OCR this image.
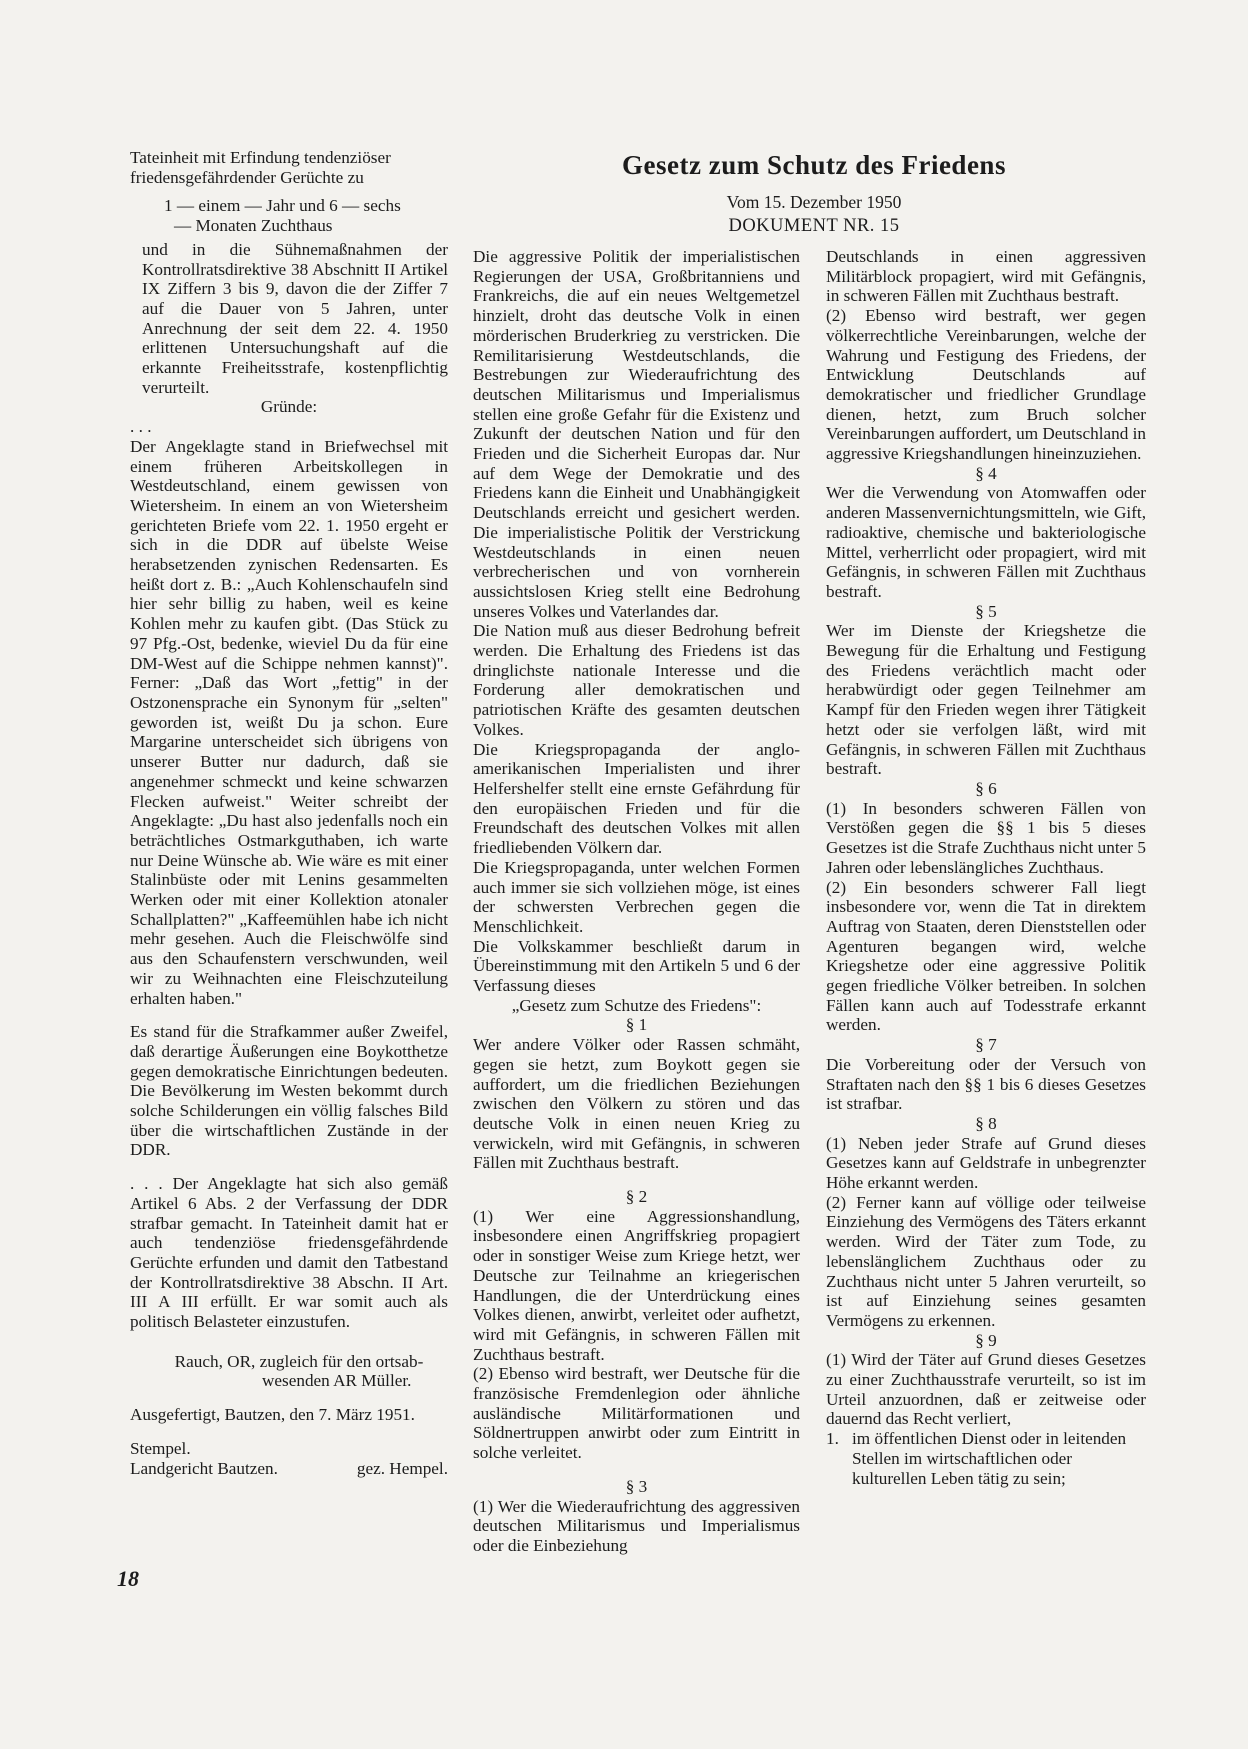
Gesetz zum Schutz des Friedens
Vom 15. Dezember 1950
DOKUMENT NR. 15

Tateinheit mit Erfindung tendenziöser

friedensgefährdender Gerüchte zu

1 — einem — Jahr und 6 — sechs

— Monaten Zuchthaus

und in die Sühnemaßnahmen der Kontrollratsdirektive 38 Abschnitt II Artikel IX Ziffern 3 bis 9, davon die der Ziffer 7 auf die Dauer von 5 Jahren, unter Anrechnung der seit dem 22. 4. 1950 erlittenen Untersuchungshaft auf die erkannte Freiheitsstrafe, kostenpflichtig verurteilt.

Gründe:

. . .

Der Angeklagte stand in Briefwechsel mit einem früheren Arbeitskollegen in Westdeutschland, einem gewissen von Wietersheim. In einem an von Wietersheim gerichteten Briefe vom 22. 1. 1950 ergeht er sich in die DDR auf übelste Weise herabsetzenden zynischen Redensarten. Es heißt dort z. B.: „Auch Kohlenschaufeln sind hier sehr billig zu haben, weil es keine Kohlen mehr zu kaufen gibt. (Das Stück zu 97 Pfg.-Ost, bedenke, wieviel Du da für eine DM-West auf die Schippe nehmen kannst)". Ferner: „Daß das Wort „fettig" in der Ostzonensprache ein Synonym für „selten" geworden ist, weißt Du ja schon. Eure Margarine unterscheidet sich übrigens von unserer Butter nur dadurch, daß sie angenehmer schmeckt und keine schwarzen Flecken aufweist." Weiter schreibt der Angeklagte: „Du hast also jedenfalls noch ein beträchtliches Ostmarkguthaben, ich warte nur Deine Wünsche ab. Wie wäre es mit einer Stalinbüste oder mit Lenins gesammelten Werken oder mit einer Kollektion atonaler Schallplatten?" „Kaffeemühlen habe ich nicht mehr gesehen. Auch die Fleischwölfe sind aus den Schaufenstern verschwunden, weil wir zu Weihnachten eine Fleischzuteilung erhalten haben."

Es stand für die Strafkammer außer Zweifel, daß derartige Äußerungen eine Boykotthetze gegen demokratische Einrichtungen bedeuten. Die Bevölkerung im Westen bekommt durch solche Schilderungen ein völlig falsches Bild über die wirtschaftlichen Zustände in der DDR.

. . . Der Angeklagte hat sich also gemäß Artikel 6 Abs. 2 der Verfassung der DDR strafbar gemacht. In Tateinheit damit hat er auch tendenziöse friedensgefährdende Gerüchte erfunden und damit den Tatbestand der Kontrollratsdirektive 38 Abschn. II Art. III A III erfüllt. Er war somit auch als politisch Belasteter einzustufen.

Rauch, OR, zugleich für den ortsab-

wesenden AR Müller.

Ausgefertigt, Bautzen, den 7. März 1951.

Stempel.

Landgericht Bautzen.	gez. Hempel.

Die aggressive Politik der imperialistischen Regierungen der USA, Großbritanniens und Frankreichs, die auf ein neues Weltgemetzel hinzielt, droht das deutsche Volk in einen mörderischen Bruderkrieg zu verstricken. Die Remilitarisierung Westdeutschlands, die Bestrebungen zur Wiederaufrichtung des deutschen Militarismus und Imperialismus stellen eine große Gefahr für die Existenz und Zukunft der deutschen Nation und für den Frieden und die Sicherheit Europas dar. Nur auf dem Wege der Demokratie und des Friedens kann die Einheit und Unabhängigkeit Deutschlands erreicht und gesichert werden. Die imperialistische Politik der Verstrickung Westdeutschlands in einen neuen verbrecherischen und von vornherein aussichtslosen Krieg stellt eine Bedrohung unseres Volkes und Vaterlandes dar.

Die Nation muß aus dieser Bedrohung befreit werden. Die Erhaltung des Friedens ist das dringlichste nationale Interesse und die Forderung aller demokratischen und patriotischen Kräfte des gesamten deutschen Volkes.

Die Kriegspropaganda der anglo-amerikanischen Imperialisten und ihrer Helfershelfer stellt eine ernste Gefährdung für den europäischen Frieden und für die Freundschaft des deutschen Volkes mit allen friedliebenden Völkern dar.

Die Kriegspropaganda, unter welchen Formen auch immer sie sich vollziehen möge, ist eines der schwersten Verbrechen gegen die Menschlichkeit.

Die Volkskammer beschließt darum in Übereinstimmung mit den Artikeln 5 und 6 der Verfassung dieses

„Gesetz zum Schutze des Friedens":

§ 1

Wer andere Völker oder Rassen schmäht, gegen sie hetzt, zum Boykott gegen sie auffordert, um die friedlichen Beziehungen zwischen den Völkern zu stören und das deutsche Volk in einen neuen Krieg zu verwickeln, wird mit Gefängnis, in schweren Fällen mit Zuchthaus bestraft.

§ 2

(1) Wer eine Aggressionshandlung, insbesondere einen Angriffskrieg propagiert oder in sonstiger Weise zum Kriege hetzt, wer Deutsche zur Teilnahme an kriegerischen Handlungen, die der Unterdrückung eines Volkes dienen, anwirbt, verleitet oder aufhetzt, wird mit Gefängnis, in schweren Fällen mit Zuchthaus bestraft.

(2) Ebenso wird bestraft, wer Deutsche für die französische Fremdenlegion oder ähnliche ausländische Militärformationen und Söldnertruppen anwirbt oder zum Eintritt in solche verleitet.

§ 3

(1) Wer die Wiederaufrichtung des aggressiven deutschen Militarismus und Imperialismus oder die Einbeziehung

Deutschlands in einen aggressiven Militärblock propagiert, wird mit Gefängnis, in schweren Fällen mit Zuchthaus bestraft.

(2) Ebenso wird bestraft, wer gegen völkerrechtliche Vereinbarungen, welche der Wahrung und Festigung des Friedens, der Entwicklung Deutschlands auf demokratischer und friedlicher Grundlage dienen, hetzt, zum Bruch solcher Vereinbarungen auffordert, um Deutschland in aggressive Kriegshandlungen hineinzuziehen.

§ 4

Wer die Verwendung von Atomwaffen oder anderen Massenvernichtungsmitteln, wie Gift, radioaktive, chemische und bakteriologische Mittel, verherrlicht oder propagiert, wird mit Gefängnis, in schweren Fällen mit Zuchthaus bestraft.

§ 5

Wer im Dienste der Kriegshetze die Bewegung für die Erhaltung und Festigung des Friedens verächtlich macht oder herabwürdigt oder gegen Teilnehmer am Kampf für den Frieden wegen ihrer Tätigkeit hetzt oder sie verfolgen läßt, wird mit Gefängnis, in schweren Fällen mit Zuchthaus bestraft.

§ 6

(1) In besonders schweren Fällen von Verstößen gegen die §§ 1 bis 5 dieses Gesetzes ist die Strafe Zuchthaus nicht unter 5 Jahren oder lebenslängliches Zuchthaus.

(2) Ein besonders schwerer Fall liegt insbesondere vor, wenn die Tat in direktem Auftrag von Staaten, deren Dienststellen oder Agenturen begangen wird, welche Kriegshetze oder eine aggressive Politik gegen friedliche Völker betreiben. In solchen Fällen kann auch auf Todesstrafe erkannt werden.

§ 7

Die Vorbereitung oder der Versuch von Straftaten nach den §§ 1 bis 6 dieses Gesetzes ist strafbar.

§ 8

(1) Neben jeder Strafe auf Grund dieses Gesetzes kann auf Geldstrafe in unbegrenzter Höhe erkannt werden.

(2) Ferner kann auf völlige oder teilweise Einziehung des Vermögens des Täters erkannt werden. Wird der Täter zum Tode, zu lebenslänglichem Zuchthaus oder zu Zuchthaus nicht unter 5 Jahren verurteilt, so ist auf Einziehung seines gesamten Vermögens zu erkennen.

§ 9

(1) Wird der Täter auf Grund dieses Gesetzes zu einer Zuchthausstrafe verurteilt, so ist im Urteil anzuordnen, daß er zeitweise oder dauernd das Recht verliert,

1. im öffentlichen Dienst oder in leitenden Stellen im wirtschaftlichen oder kulturellen Leben tätig zu sein;
18
